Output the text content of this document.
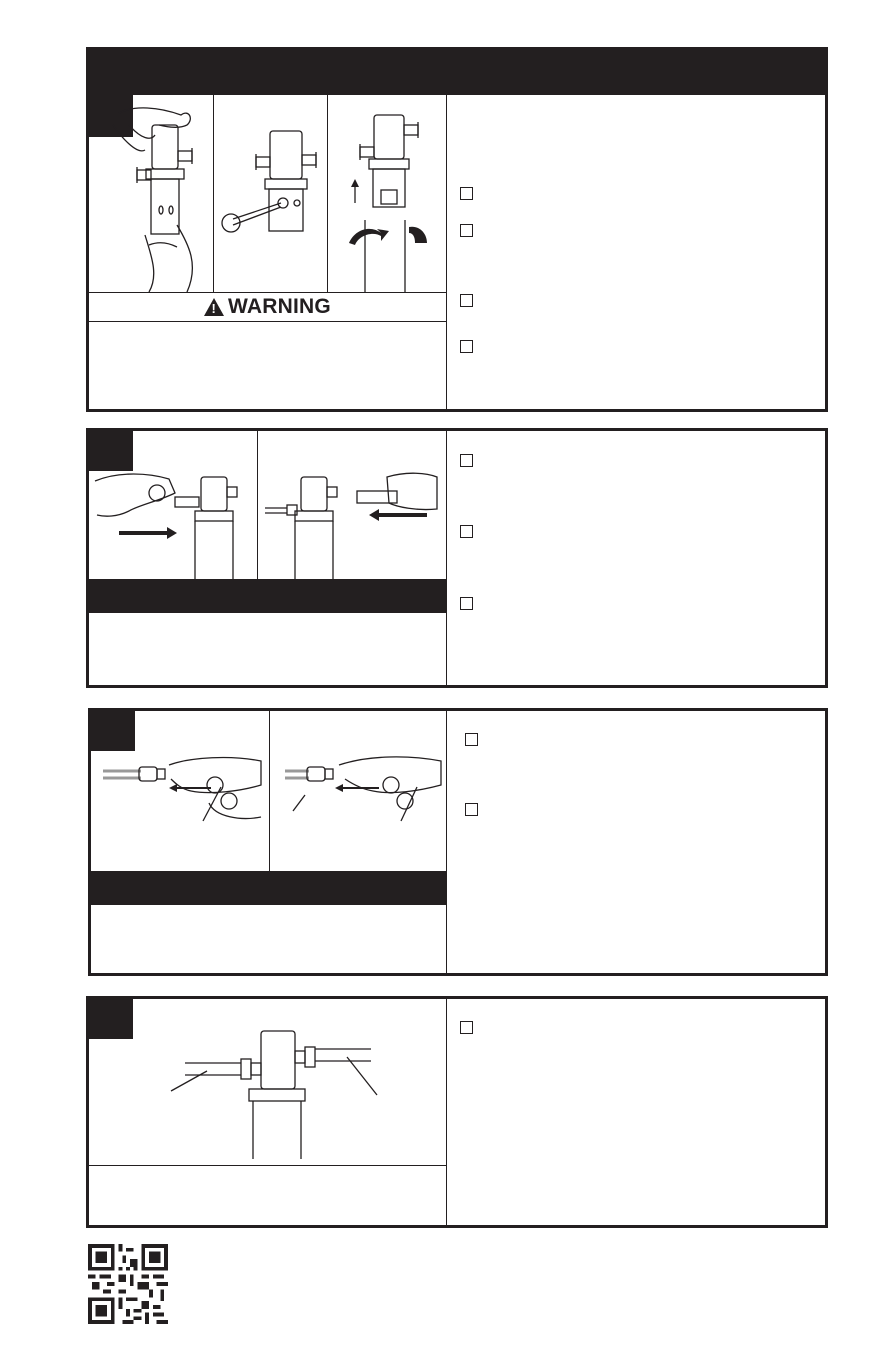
!
WARNING
